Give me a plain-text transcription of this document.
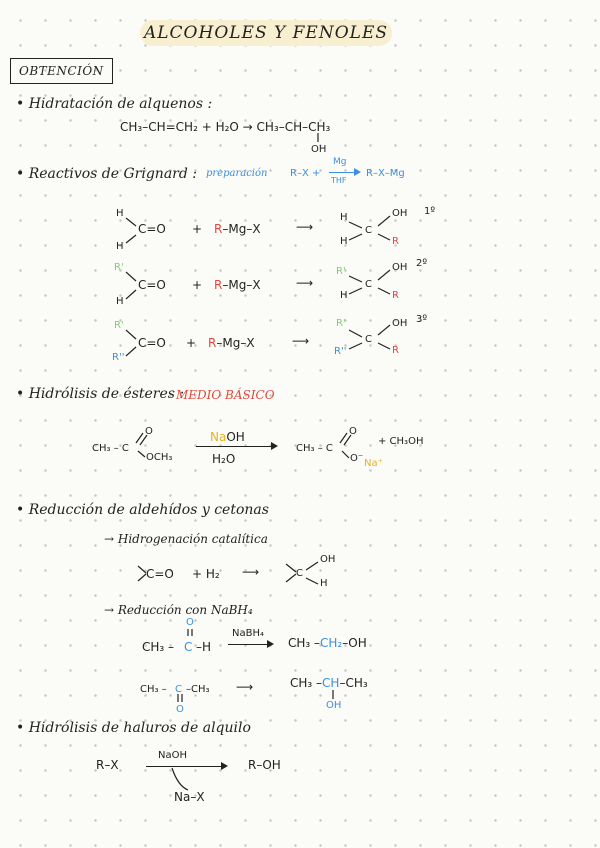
ALCOHOLES Y FENOLES
OBTENCIÓN
• Hidratación de alquenos :
CH₃–CH=CH₂ + H₂O → CH₃–CH–CH₃
OH
• Reactivos de Grignard : preparación R–X +
Mg
THF
R–X–Mg
H
H
C=O + R–Mg–X	⟶
H
H
C
OH
R
1º
R'
H
C=O + R–Mg–X	⟶
R'
H
C
OH
R
2º
R'
R''
C=O + R–Mg–X	⟶
R'
R''
C
OH
R
3º
• Hidrólisis de ésteres :
MEDIO BÁSICO
CH₃ – C
O
OCH₃
NaOH
H₂O
CH₃ – C
O
O⁻ Na⁺
+ CH₃OH
• Reducción de aldehídos y cetonas
→ Hidrogenación catalítica
C=O + H₂ ⟶	C
OH
H
→ Reducción con NaBH₄
CH₃ – C –H
O
NaBH₄
CH₃ –CH₂–OH
CH₃ – C –CH₃
O
⟶	CH₃ –CH–CH₃
OH
• Hidrólisis de haluros de alquilo
R–X
NaOH
R–OH
Na–X
